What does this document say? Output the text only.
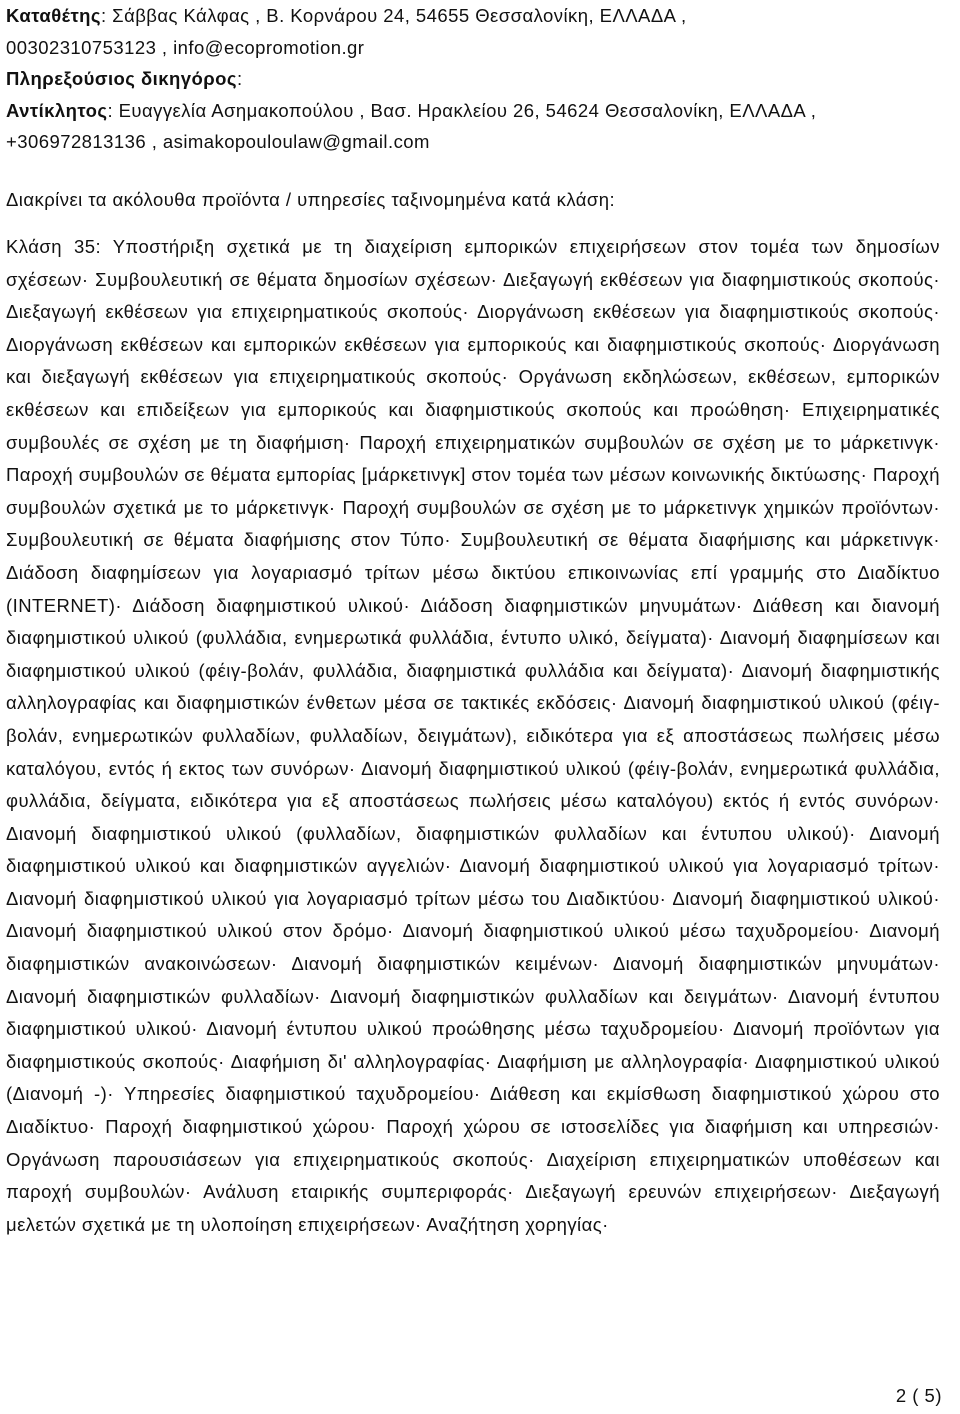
Καταθέτης: Σάββας Κάλφας , Β. Κορνάρου 24, 54655 Θεσσαλονίκη, ΕΛΛΑΔΑ ,
00302310753123 , info@ecopromotion.gr
Πληρεξούσιος δικηγόρος:
Αντίκλητος: Ευαγγελία Ασημακοπούλου , Βασ. Ηρακλείου 26, 54624 Θεσσαλονίκη, ΕΛΛΑΔΑ ,
+306972813136 , asimakopouloulaw@gmail.com
Διακρίνει τα ακόλουθα προϊόντα / υπηρεσίες ταξινομημένα κατά κλάση:

Κλάση 35: Υποστήριξη σχετικά με τη διαχείριση εμπορικών επιχειρήσεων στον τομέα των δημοσίων σχέσεων· Συμβουλευτική σε θέματα δημοσίων σχέσεων· Διεξαγωγή εκθέσεων για διαφημιστικούς σκοπούς· Διεξαγωγή εκθέσεων για επιχειρηματικούς σκοπούς· Διοργάνωση εκθέσεων για διαφημιστικούς σκοπούς· Διοργάνωση εκθέσεων και εμπορικών εκθέσεων για εμπορικούς και διαφημιστικούς σκοπούς· Διοργάνωση και διεξαγωγή εκθέσεων για επιχειρηματικούς σκοπούς· Οργάνωση εκδηλώσεων, εκθέσεων, εμπορικών εκθέσεων και επιδείξεων για εμπορικούς και διαφημιστικούς σκοπούς και προώθηση· Επιχειρηματικές συμβουλές σε σχέση με τη διαφήμιση· Παροχή επιχειρηματικών συμβουλών σε σχέση με το μάρκετινγκ· Παροχή συμβουλών σε θέματα εμπορίας [μάρκετινγκ] στον τομέα των μέσων κοινωνικής δικτύωσης· Παροχή συμβουλών σχετικά με το μάρκετινγκ· Παροχή συμβουλών σε σχέση με το μάρκετινγκ χημικών προϊόντων· Συμβουλευτική σε θέματα διαφήμισης στον Τύπο· Συμβουλευτική σε θέματα διαφήμισης και μάρκετινγκ· Διάδοση διαφημίσεων για λογαριασμό τρίτων μέσω δικτύου επικοινωνίας επί γραμμής στο Διαδίκτυο (INTERNET)· Διάδοση διαφημιστικού υλικού· Διάδοση διαφημιστικών μηνυμάτων· Διάθεση και διανομή διαφημιστικού υλικού (φυλλάδια, ενημερωτικά φυλλάδια, έντυπο υλικό, δείγματα)· Διανομή διαφημίσεων και διαφημιστικού υλικού (φέιγ-βολάν, φυλλάδια, διαφημιστικά φυλλάδια και δείγματα)· Διανομή διαφημιστικής αλληλογραφίας και διαφημιστικών ένθετων μέσα σε τακτικές εκδόσεις· Διανομή διαφημιστικού υλικού (φέιγ-βολάν, ενημερωτικών φυλλαδίων, φυλλαδίων, δειγμάτων), ειδικότερα για εξ αποστάσεως πωλήσεις μέσω καταλόγου, εντός ή εκτος των συνόρων· Διανομή διαφημιστικού υλικού (φέιγ-βολάν, ενημερωτικά φυλλάδια, φυλλάδια, δείγματα, ειδικότερα για εξ αποστάσεως πωλήσεις μέσω καταλόγου) εκτός ή εντός συνόρων· Διανομή διαφημιστικού υλικού (φυλλαδίων, διαφημιστικών φυλλαδίων και έντυπου υλικού)· Διανομή διαφημιστικού υλικού και διαφημιστικών αγγελιών· Διανομή διαφημιστικού υλικού για λογαριασμό τρίτων· Διανομή διαφημιστικού υλικού για λογαριασμό τρίτων μέσω του Διαδικτύου· Διανομή διαφημιστικού υλικού· Διανομή διαφημιστικού υλικού στον δρόμο· Διανομή διαφημιστικού υλικού μέσω ταχυδρομείου· Διανομή διαφημιστικών ανακοινώσεων· Διανομή διαφημιστικών κειμένων· Διανομή διαφημιστικών μηνυμάτων· Διανομή διαφημιστικών φυλλαδίων· Διανομή διαφημιστικών φυλλαδίων και δειγμάτων· Διανομή έντυπου διαφημιστικού υλικού· Διανομή έντυπου υλικού προώθησης μέσω ταχυδρομείου· Διανομή προϊόντων για διαφημιστικούς σκοπούς· Διαφήμιση δι' αλληλογραφίας· Διαφήμιση με αλληλογραφία· Διαφημιστικού υλικού (Διανομή -)· Υπηρεσίες διαφημιστικού ταχυδρομείου· Διάθεση και εκμίσθωση διαφημιστικού χώρου στο Διαδίκτυο· Παροχή διαφημιστικού χώρου· Παροχή χώρου σε ιστοσελίδες για διαφήμιση και υπηρεσιών· Οργάνωση παρουσιάσεων για επιχειρηματικούς σκοπούς· Διαχείριση επιχειρηματικών υποθέσεων και παροχή συμβουλών· Ανάλυση εταιρικής συμπεριφοράς· Διεξαγωγή ερευνών επιχειρήσεων· Διεξαγωγή μελετών σχετικά με τη υλοποίηση επιχειρήσεων· Αναζήτηση χορηγίας·

2 ( 5)
